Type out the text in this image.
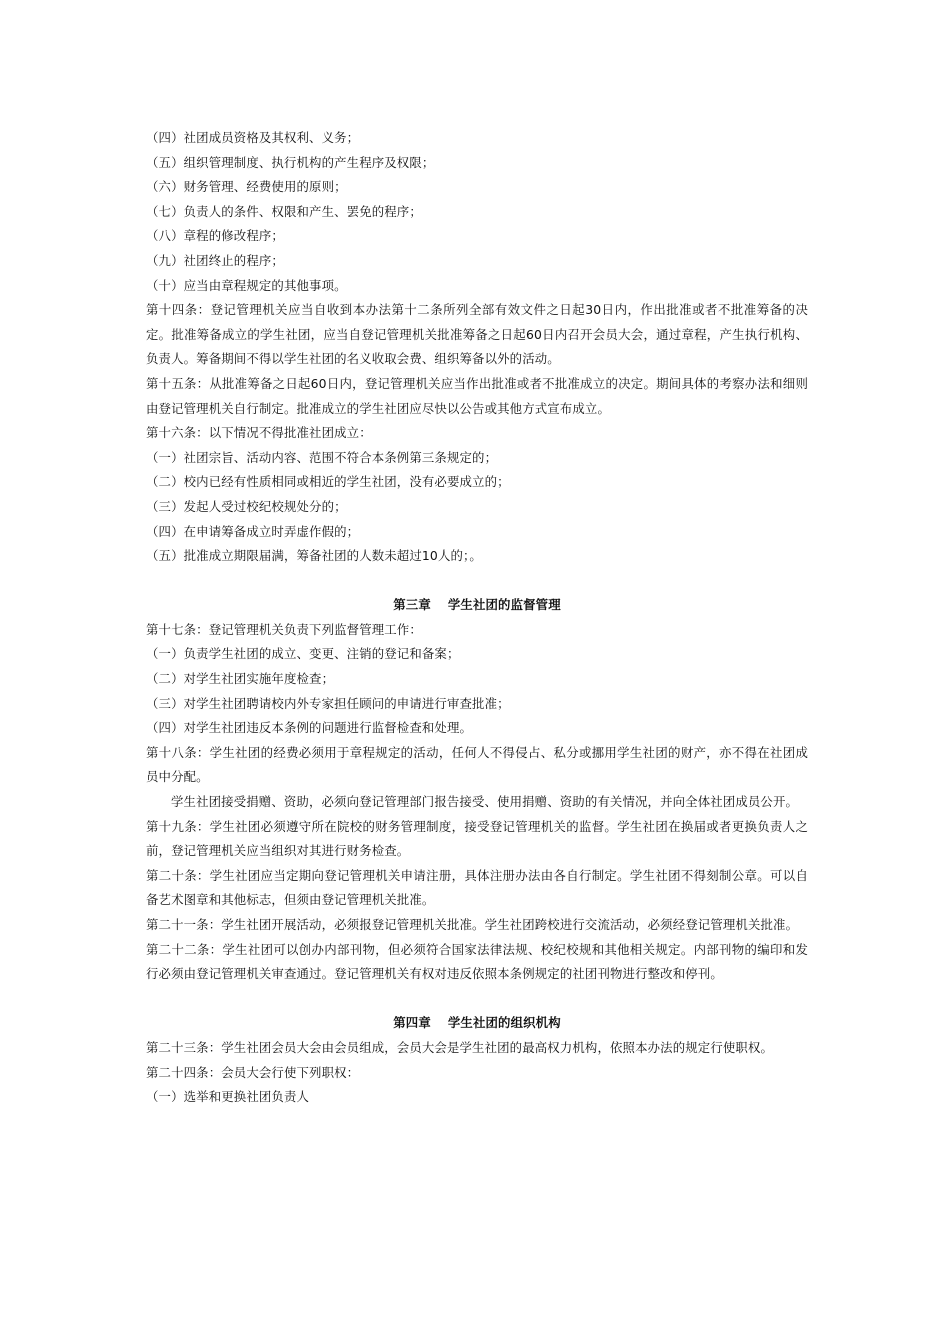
（四）社团成员资格及其权利、义务；
（五）组织管理制度、执行机构的产生程序及权限；
（六）财务管理、经费使用的原则；
（七）负责人的条件、权限和产生、罢免的程序；
（八）章程的修改程序；
（九）社团终止的程序；
（十）应当由章程规定的其他事项。
第十四条：登记管理机关应当自收到本办法第十二条所列全部有效文件之日起30日内，作出批准或者不批准筹备的决定。批准筹备成立的学生社团，应当自登记管理机关批准筹备之日起60日内召开会员大会，通过章程，产生执行机构、负责人。筹备期间不得以学生社团的名义收取会费、组织筹备以外的活动。
第十五条：从批准筹备之日起60日内，登记管理机关应当作出批准或者不批准成立的决定。期间具体的考察办法和细则由登记管理机关自行制定。批准成立的学生社团应尽快以公告或其他方式宣布成立。
第十六条：以下情况不得批准社团成立：
（一）社团宗旨、活动内容、范围不符合本条例第三条规定的；
（二）校内已经有性质相同或相近的学生社团，没有必要成立的；
（三）发起人受过校纪校规处分的；
（四）在申请筹备成立时弄虚作假的；
（五）批准成立期限届满，筹备社团的人数未超过10人的；。
第三章　 学生社团的监督管理
第十七条：登记管理机关负责下列监督管理工作：
（一）负责学生社团的成立、变更、注销的登记和备案；
（二）对学生社团实施年度检查；
（三）对学生社团聘请校内外专家担任顾问的申请进行审查批准；
（四）对学生社团违反本条例的问题进行监督检查和处理。
第十八条：学生社团的经费必须用于章程规定的活动，任何人不得侵占、私分或挪用学生社团的财产，亦不得在社团成员中分配。
学生社团接受捐赠、资助，必须向登记管理部门报告接受、使用捐赠、资助的有关情况，并向全体社团成员公开。
第十九条：学生社团必须遵守所在院校的财务管理制度，接受登记管理机关的监督。学生社团在换届或者更换负责人之前，登记管理机关应当组织对其进行财务检查。
第二十条：学生社团应当定期向登记管理机关申请注册，具体注册办法由各自行制定。学生社团不得刻制公章。可以自备艺术图章和其他标志，但须由登记管理机关批准。
第二十一条：学生社团开展活动，必须报登记管理机关批准。学生社团跨校进行交流活动，必须经登记管理机关批准。
第二十二条：学生社团可以创办内部刊物，但必须符合国家法律法规、校纪校规和其他相关规定。内部刊物的编印和发行必须由登记管理机关审查通过。登记管理机关有权对违反依照本条例规定的社团刊物进行整改和停刊。
第四章　 学生社团的组织机构
第二十三条：学生社团会员大会由会员组成，会员大会是学生社团的最高权力机构，依照本办法的规定行使职权。
第二十四条：会员大会行使下列职权：
（一）选举和更换社团负责人
